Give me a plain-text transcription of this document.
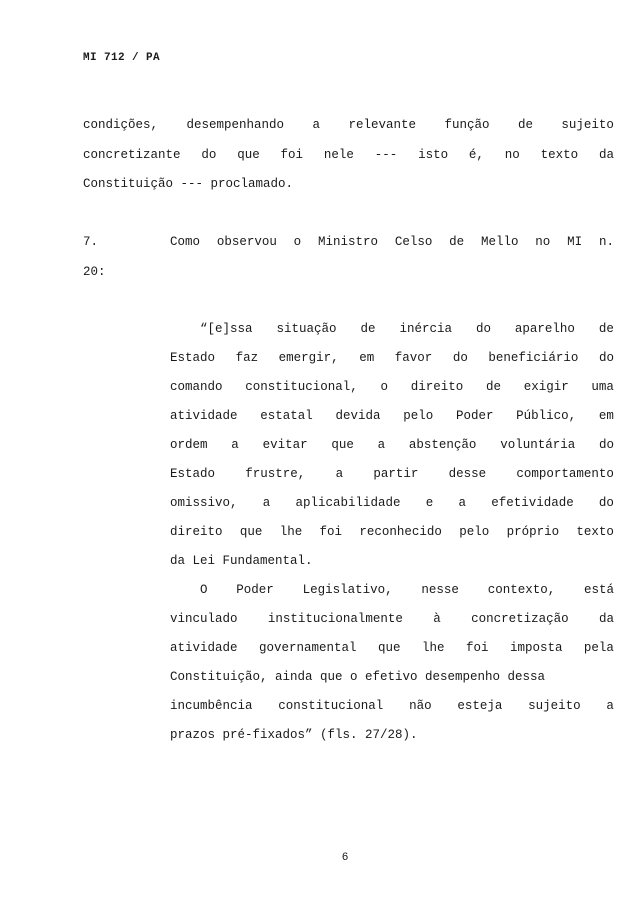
MI 712 / PA
condições, desempenhando a relevante função de sujeito
concretizante do que foi nele --- isto é, no texto da
Constituição --- proclamado.
7.	Como observou o Ministro Celso de Mello no MI n.
20:
“[e]ssa situação de inércia do aparelho de
Estado faz emergir, em favor do beneficiário do
comando constitucional, o direito de exigir uma
atividade estatal devida pelo Poder Público, em
ordem a evitar que a abstenção voluntária do
Estado frustre, a partir desse comportamento
omissivo, a aplicabilidade e a efetividade do
direito que lhe foi reconhecido pelo próprio texto
da Lei Fundamental.
O Poder Legislativo, nesse contexto, está
vinculado institucionalmente à concretização da
atividade governamental que lhe foi imposta pela
Constituição, ainda que o efetivo desempenho dessa
incumbência constitucional não esteja sujeito a
prazos pré-fixados” (fls. 27/28).
6
